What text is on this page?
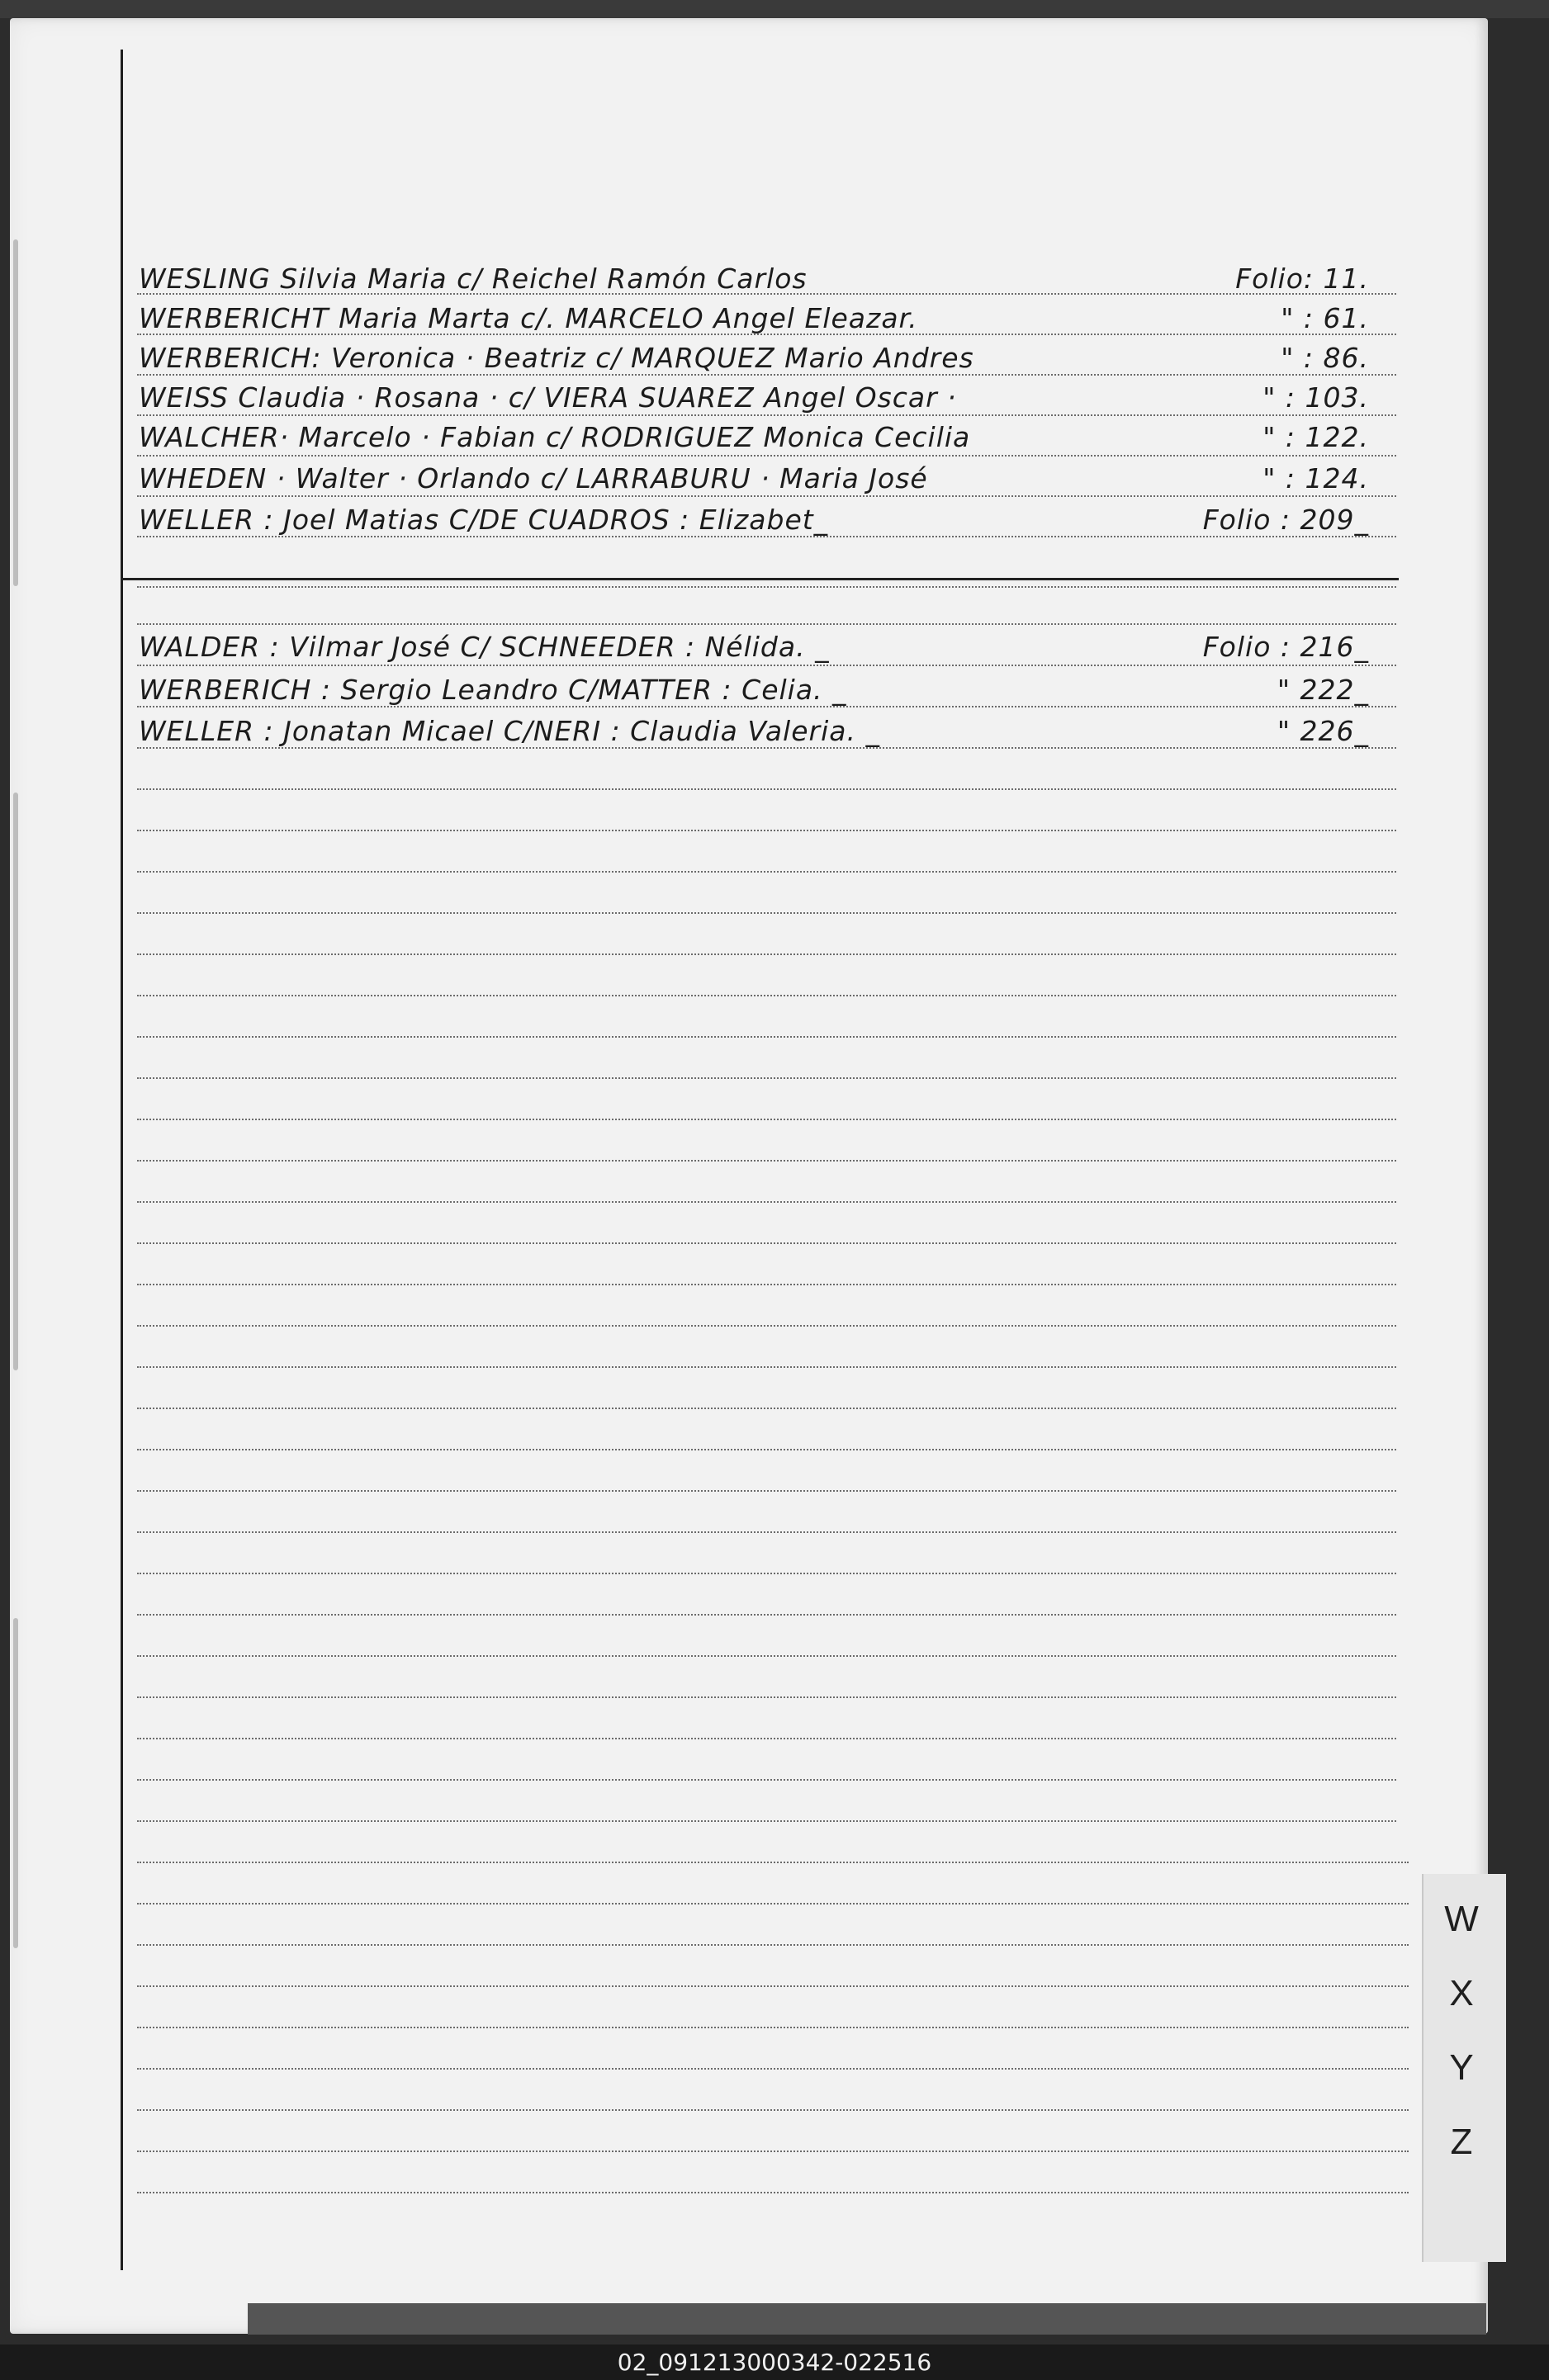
WESLING Silvia Maria c/ Reichel Ramón Carlos	Folio: 11.
WERBERICHT Maria Marta c/. MARCELO Angel Eleazar.	" : 61.
WERBERICH: Veronica · Beatriz c/ MARQUEZ Mario Andres	" : 86.
WEISS Claudia · Rosana · c/ VIERA SUAREZ Angel Oscar ·	" : 103.
WALCHER· Marcelo · Fabian c/ RODRIGUEZ Monica Cecilia	" : 122.
WHEDEN · Walter · Orlando c/ LARRABURU · Maria José	" : 124.
WELLER : Joel Matias C/DE CUADROS : Elizabet_	Folio : 209_
WALDER : Vilmar José C/ SCHNEEDER : Nélida. _	Folio : 216_
WERBERICH : Sergio Leandro C/MATTER : Celia. _	" 222_
WELLER : Jonatan Micael C/NERI : Claudia Valeria. _	" 226_
W
X
Y
Z
02_091213000342-022516
